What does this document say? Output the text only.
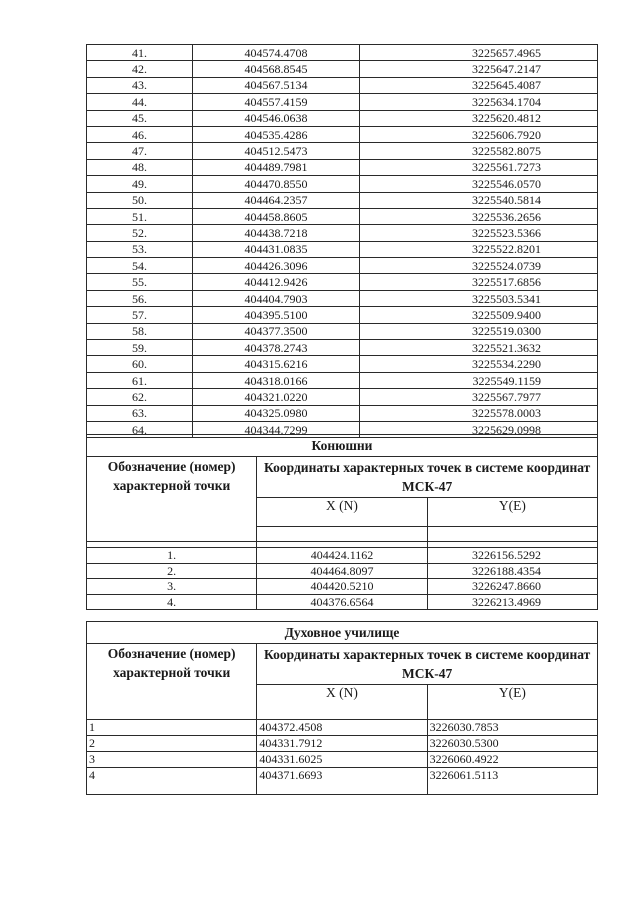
41.	404574.4708	3225657.4965
42.	404568.8545	3225647.2147
43.	404567.5134	3225645.4087
44.	404557.4159	3225634.1704
45.	404546.0638	3225620.4812
46.	404535.4286	3225606.7920
47.	404512.5473	3225582.8075
48.	404489.7981	3225561.7273
49.	404470.8550	3225546.0570
50.	404464.2357	3225540.5814
51.	404458.8605	3225536.2656
52.	404438.7218	3225523.5366
53.	404431.0835	3225522.8201
54.	404426.3096	3225524.0739
55.	404412.9426	3225517.6856
56.	404404.7903	3225503.5341
57.	404395.5100	3225509.9400
58.	404377.3500	3225519.0300
59.	404378.2743	3225521.3632
60.	404315.6216	3225534.2290
61.	404318.0166	3225549.1159
62.	404321.0220	3225567.7977
63.	404325.0980	3225578.0003
64.	404344.7299	3225629.0998
Конюшни		
Обозначение (номер) характерной точки	Координаты характерных точек в системе координат МСК-47	
	X (N)	Y(E)

1.	404424.1162	3226156.5292
2.	404464.8097	3226188.4354
3.	404420.5210	3226247.8660
4.	404376.6564	3226213.4969
Духовное училище		
Обозначение (номер) характерной точки	Координаты характерных точек в системе координат МСК-47	
	X (N)	Y(E)
1	404372.4508	3226030.7853
2	404331.7912	3226030.5300
3	404331.6025	3226060.4922
4	404371.6693	3226061.5113
